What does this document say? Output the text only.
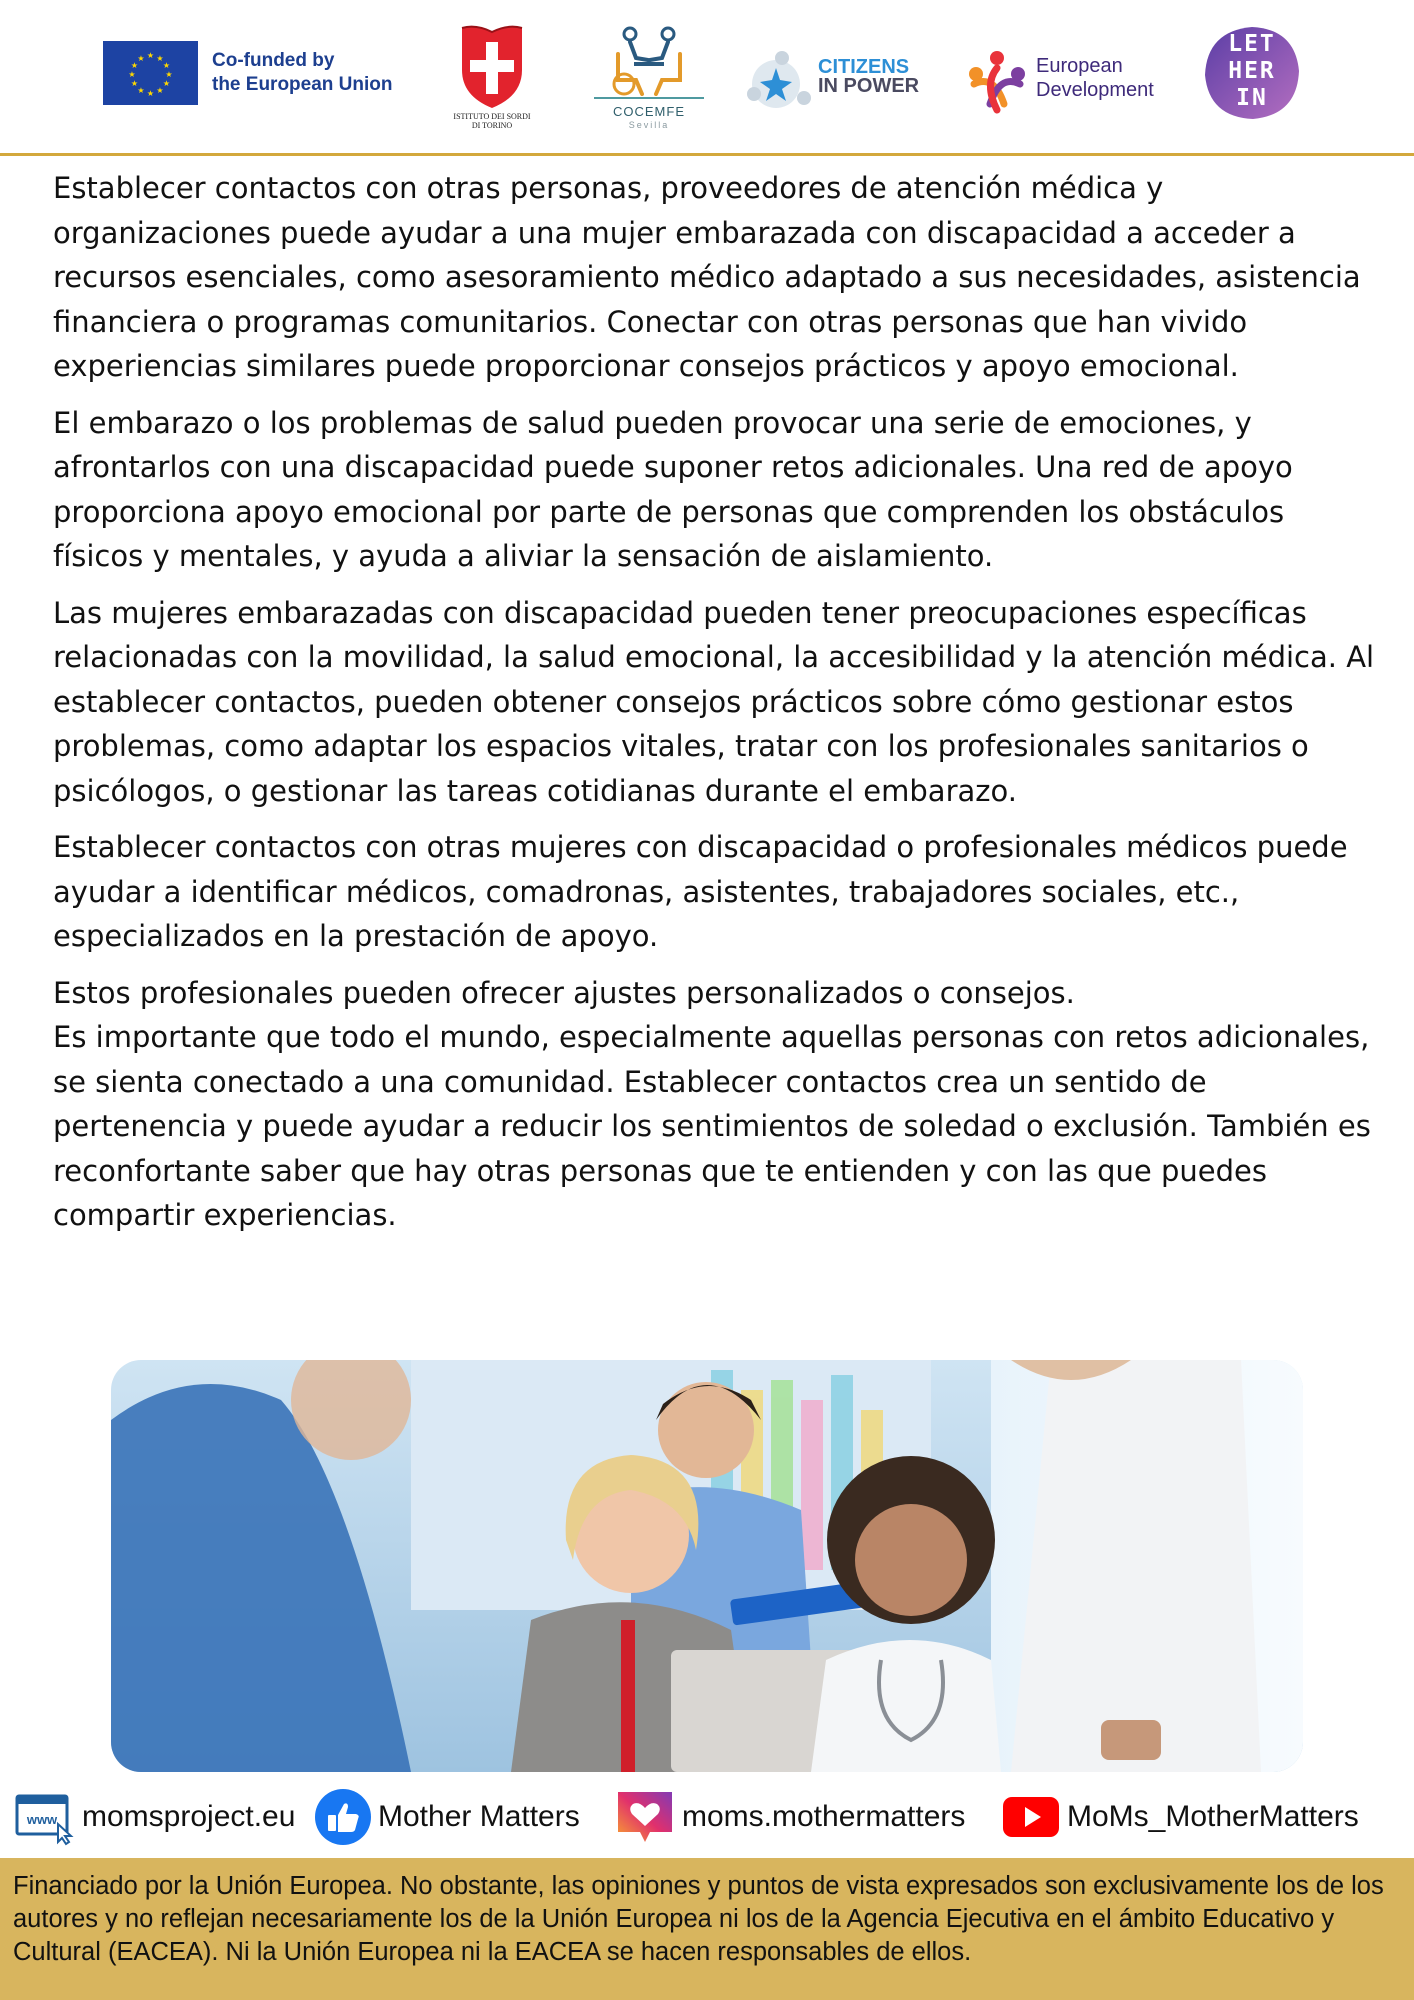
★ ★
★
★
★
★
★
★
★
★
★
★	Co-funded by
the European Union
ISTITUTO DEI SORDI
DI TORINO
COCEMFE
Sevilla
CITIZENS
IN POWER
European
Development
LET
HER
IN

Establecer contactos con otras personas, proveedores de atención médica y organizaciones puede ayudar a una mujer embarazada con discapacidad a acceder a recursos esenciales, como asesoramiento médico adaptado a sus necesidades, asistencia financiera o programas comunitarios. Conectar con otras personas que han vivido experiencias similares puede proporcionar consejos prácticos y apoyo emocional.

El embarazo o los problemas de salud pueden provocar una serie de emociones, y afrontarlos con una discapacidad puede suponer retos adicionales. Una red de apoyo proporciona apoyo emocional por parte de personas que comprenden los obstáculos físicos y mentales, y ayuda a aliviar la sensación de aislamiento.

Las mujeres embarazadas con discapacidad pueden tener preocupaciones específicas relacionadas con la movilidad, la salud emocional, la accesibilidad y la atención médica. Al establecer contactos, pueden obtener consejos prácticos sobre cómo gestionar estos problemas, como adaptar los espacios vitales, tratar con los profesionales sanitarios o psicólogos, o gestionar las tareas cotidianas durante el embarazo.

Establecer contactos con otras mujeres con discapacidad o profesionales médicos puede ayudar a identificar médicos, comadronas, asistentes, trabajadores sociales, etc., especializados en la prestación de apoyo.

Estos profesionales pueden ofrecer ajustes personalizados o consejos.

Es importante que todo el mundo, especialmente aquellas personas con retos adicionales, se sienta conectado a una comunidad. Establecer contactos crea un sentido de pertenencia y puede ayudar a reducir los sentimientos de soledad o exclusión. También es reconfortante saber que hay otras personas que te entienden y con las que puedes compartir experiencias.

www momsproject.eu	Mother Matters	moms.mothermatters	MoMs_MotherMatters
Financiado por la Unión Europea. No obstante, las opiniones y puntos de vista expresados son exclusivamente los de los autores y no reflejan necesariamente los de la Unión Europea ni los de la Agencia Ejecutiva en el ámbito Educativo y Cultural (EACEA). Ni la Unión Europea ni la EACEA se hacen responsables de ellos.
